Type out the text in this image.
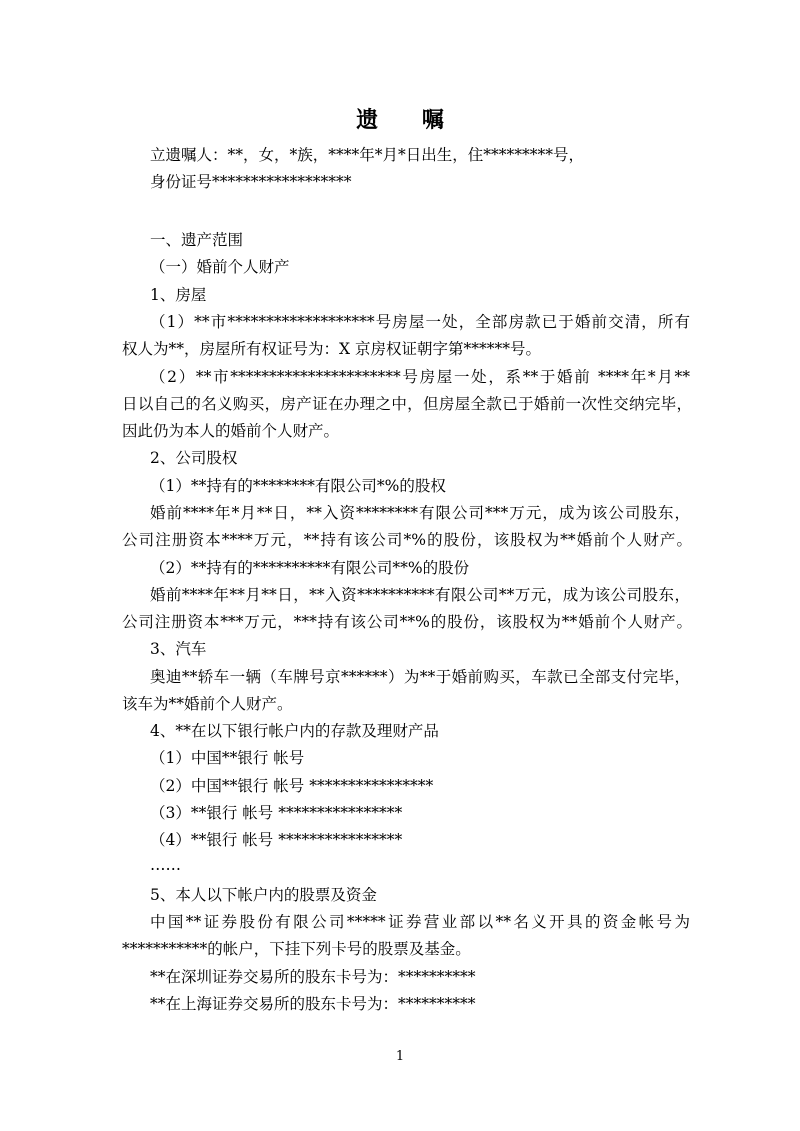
遗 嘱
立遗嘱人：**，女，*族，****年*月*日出生，住*********号，
身份证号******************
一、遗产范围
（一）婚前个人财产
1、房屋
（1）**市*******************号房屋一处，全部房款已于婚前交清，所有
权人为**，房屋所有权证号为：X 京房权证朝字第******号。
（2）**市**********************号房屋一处，系**于婚前 ****年*月**
日以自己的名义购买，房产证在办理之中，但房屋全款已于婚前一次性交纳完毕，
因此仍为本人的婚前个人财产。
2、公司股权
（1）**持有的********有限公司*%的股权
婚前****年*月**日，**入资********有限公司***万元，成为该公司股东，
公司注册资本****万元，**持有该公司*%的股份，该股权为**婚前个人财产。
（2）**持有的**********有限公司**%的股份
婚前****年**月**日，**入资**********有限公司**万元，成为该公司股东，
公司注册资本***万元，***持有该公司**%的股份，该股权为**婚前个人财产。
3、汽车
奥迪**轿车一辆（车牌号京******）为**于婚前购买，车款已全部支付完毕，
该车为**婚前个人财产。
4、**在以下银行帐户内的存款及理财产品
（1）中国**银行 帐号
（2）中国**银行 帐号 ****************
（3）**银行 帐号 ****************
（4）**银行 帐号 ****************
……
5、本人以下帐户内的股票及资金
中国**证券股份有限公司*****证券营业部以**名义开具的资金帐号为
***********的帐户，下挂下列卡号的股票及基金。
**在深圳证券交易所的股东卡号为：**********
**在上海证券交易所的股东卡号为：**********
1
